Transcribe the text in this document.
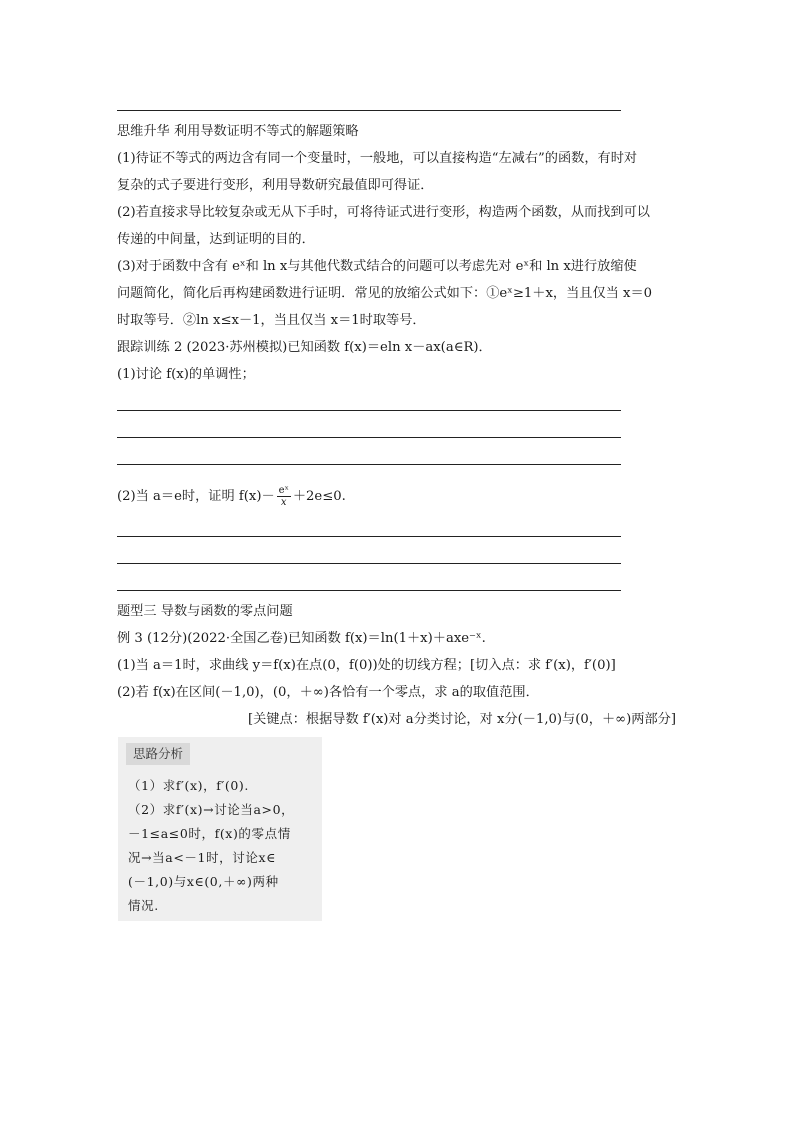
思维升华 利用导数证明不等式的解题策略
(1)待证不等式的两边含有同一个变量时，一般地，可以直接构造“左减右”的函数，有时对
复杂的式子要进行变形，利用导数研究最值即可得证．
(2)若直接求导比较复杂或无从下手时，可将待证式进行变形，构造两个函数，从而找到可以
传递的中间量，达到证明的目的．
(3)对于函数中含有 eˣ和 ln x与其他代数式结合的问题可以考虑先对 eˣ和 ln x进行放缩使
问题简化，简化后再构建函数进行证明．常见的放缩公式如下：①eˣ≥1＋x，当且仅当 x＝0
时取等号．②ln x≤x－1，当且仅当 x＝1时取等号．
跟踪训练 2 (2023·苏州模拟)已知函数 f(x)＝eln x－ax(a∈R)．
(1)讨论 f(x)的单调性；
(2)当 a＝e时，证明 $f(x)- \frac{\text{eˣ}}{x} +2e\le 0$.
题型三 导数与函数的零点问题
例 3 (12分)(2022·全国乙卷)已知函数 f(x)＝ln(1＋x)＋axe⁻ˣ.
(1)当 a＝1时，求曲线 y＝f(x)在点(0，f(0))处的切线方程；[切入点：求 f′(x)，f′(0)]
(2)若 f(x)在区间(－1,0)，(0，＋∞)各恰有一个零点，求 a的取值范围．
[关键点：根据导数 f′(x)对 a分类讨论，对 x分(－1,0)与(0，＋∞)两部分]
思路分析
（1）求f′(x)，f′(0).
（2）求f′(x)→讨论当a>0，
－1≤a≤0时，f(x)的零点情
况→当a<－1时，讨论x∈
(－1,0)与x∈(0,＋∞)两种
情况.
